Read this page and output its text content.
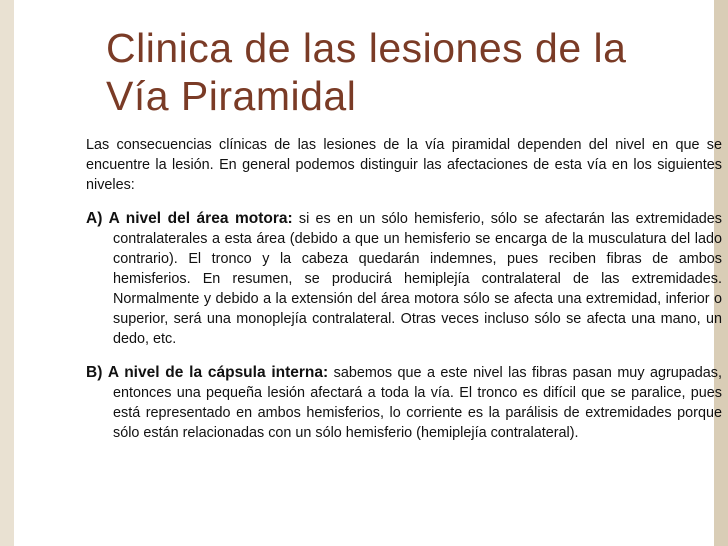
Clinica de las lesiones de la
Vía Piramidal

Las consecuencias clínicas de las lesiones de la vía piramidal dependen del nivel en que se encuentre la lesión. En general podemos distinguir las afectaciones de esta vía en los siguientes niveles:

A) A nivel del área motora: si es en un sólo hemisferio, sólo se afectarán las extremidades contralaterales a esta área (debido a que un hemisferio se encarga de la musculatura del lado contrario). El tronco y la cabeza quedarán indemnes, pues reciben fibras de ambos hemisferios. En resumen, se producirá hemiplejía contralateral de las extremidades. Normalmente y debido a la extensión del área motora sólo se afecta una extremidad, inferior o superior, será una monoplejía contralateral. Otras veces incluso sólo se afecta una mano, un dedo, etc.

B) A nivel de la cápsula interna: sabemos que a este nivel las fibras pasan muy agrupadas, entonces una pequeña lesión afectará a toda la vía. El tronco es difícil que se paralice, pues está representado en ambos hemisferios, lo corriente es la parálisis de extremidades porque sólo están relacionadas con un sólo hemisferio (hemiplejía contralateral).
